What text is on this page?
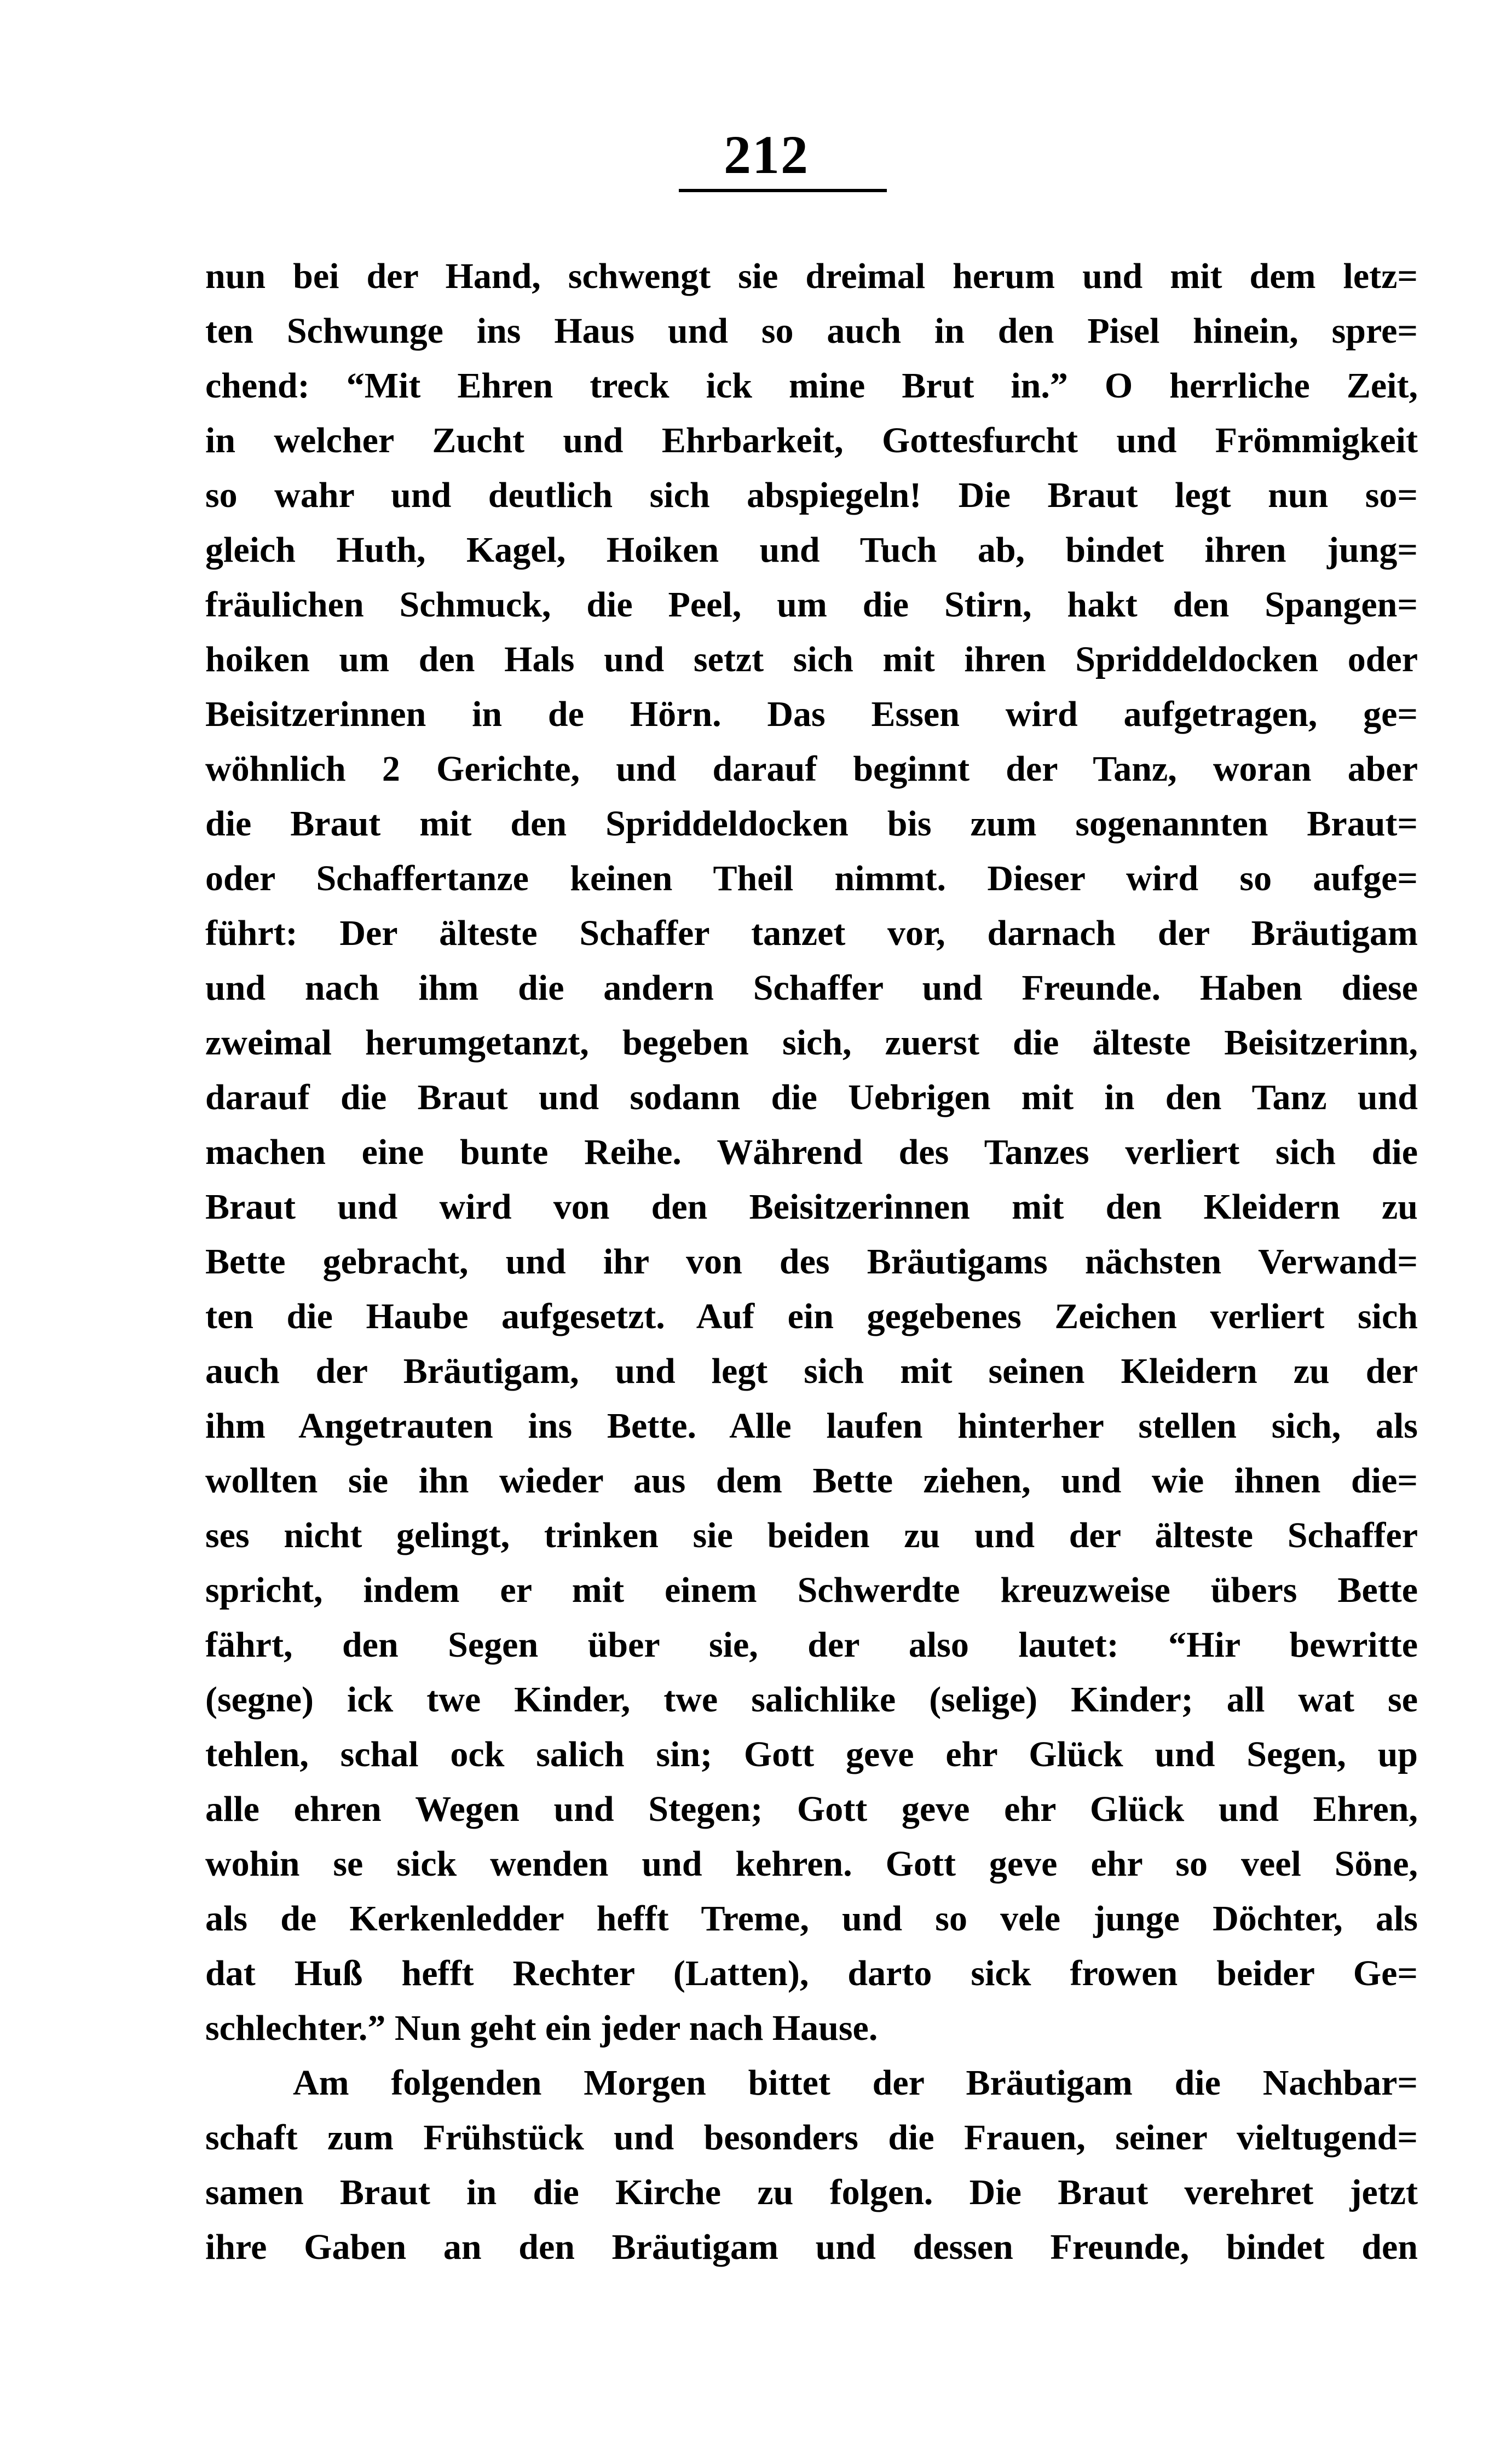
212
nun bei der Hand, schwengt sie dreimal herum und mit dem letz=
ten Schwunge ins Haus und so auch in den Pisel hinein, spre=
chend: “Mit Ehren treck ick mine Brut in.” O herrliche Zeit,
in welcher Zucht und Ehrbarkeit, Gottesfurcht und Frömmigkeit
so wahr und deutlich sich abspiegeln! Die Braut legt nun so=
gleich Huth, Kagel, Hoiken und Tuch ab, bindet ihren jung=
fräulichen Schmuck, die Peel, um die Stirn, hakt den Spangen=
hoiken um den Hals und setzt sich mit ihren Spriddeldocken oder
Beisitzerinnen in de Hörn. Das Essen wird aufgetragen, ge=
wöhnlich 2 Gerichte, und darauf beginnt der Tanz, woran aber
die Braut mit den Spriddeldocken bis zum sogenannten Braut=
oder Schaffertanze keinen Theil nimmt. Dieser wird so aufge=
führt: Der älteste Schaffer tanzet vor, darnach der Bräutigam
und nach ihm die andern Schaffer und Freunde. Haben diese
zweimal herumgetanzt, begeben sich, zuerst die älteste Beisitzerinn,
darauf die Braut und sodann die Uebrigen mit in den Tanz und
machen eine bunte Reihe. Während des Tanzes verliert sich die
Braut und wird von den Beisitzerinnen mit den Kleidern zu
Bette gebracht, und ihr von des Bräutigams nächsten Verwand=
ten die Haube aufgesetzt. Auf ein gegebenes Zeichen verliert sich
auch der Bräutigam, und legt sich mit seinen Kleidern zu der
ihm Angetrauten ins Bette. Alle laufen hinterher stellen sich, als
wollten sie ihn wieder aus dem Bette ziehen, und wie ihnen die=
ses nicht gelingt, trinken sie beiden zu und der älteste Schaffer
spricht, indem er mit einem Schwerdte kreuzweise übers Bette
fährt, den Segen über sie, der also lautet: “Hir bewritte
(segne) ick twe Kinder, twe salichlike (selige) Kinder; all wat se
tehlen, schal ock salich sin; Gott geve ehr Glück und Segen, up
alle ehren Wegen und Stegen; Gott geve ehr Glück und Ehren,
wohin se sick wenden und kehren. Gott geve ehr so veel Söne,
als de Kerkenledder hefft Treme, und so vele junge Döchter, als
dat Huß hefft Rechter (Latten), darto sick frowen beider Ge=
schlechter.” Nun geht ein jeder nach Hause.
Am folgenden Morgen bittet der Bräutigam die Nachbar=
schaft zum Frühstück und besonders die Frauen, seiner vieltugend=
samen Braut in die Kirche zu folgen. Die Braut verehret jetzt
ihre Gaben an den Bräutigam und dessen Freunde, bindet den
